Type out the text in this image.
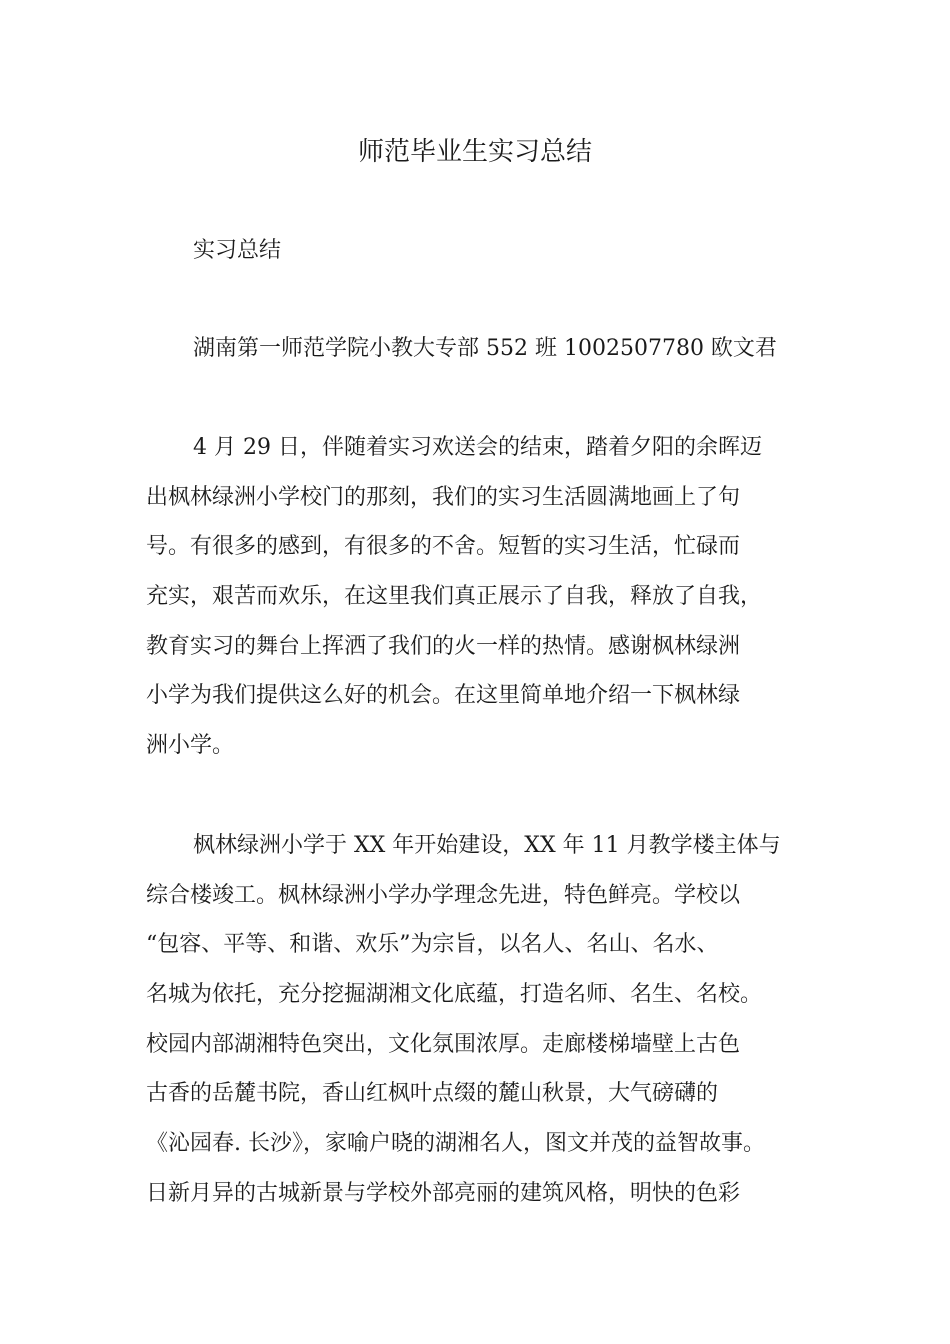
师范毕业生实习总结
实习总结
湖南第一师范学院小教大专部 552 班 1002507780 欧文君
4 月 29 日，伴随着实习欢送会的结束，踏着夕阳的余晖迈
出枫林绿洲小学校门的那刻，我们的实习生活圆满地画上了句
号。有很多的感到，有很多的不舍。短暂的实习生活，忙碌而
充实，艰苦而欢乐，在这里我们真正展示了自我，释放了自我，
教育实习的舞台上挥洒了我们的火一样的热情。感谢枫林绿洲
小学为我们提供这么好的机会。在这里简单地介绍一下枫林绿
洲小学。
枫林绿洲小学于 XX 年开始建设，XX 年 11 月教学楼主体与
综合楼竣工。枫林绿洲小学办学理念先进，特色鲜亮。学校以
“包容、平等、和谐、欢乐”为宗旨，以名人、名山、名水、
名城为依托，充分挖掘湖湘文化底蕴，打造名师、名生、名校。
校园内部湖湘特色突出，文化氛围浓厚。走廊楼梯墙壁上古色
古香的岳麓书院，香山红枫叶点缀的麓山秋景，大气磅礴的
《沁园春. 长沙》，家喻户晓的湖湘名人，图文并茂的益智故事。
日新月异的古城新景与学校外部亮丽的建筑风格，明快的色彩
